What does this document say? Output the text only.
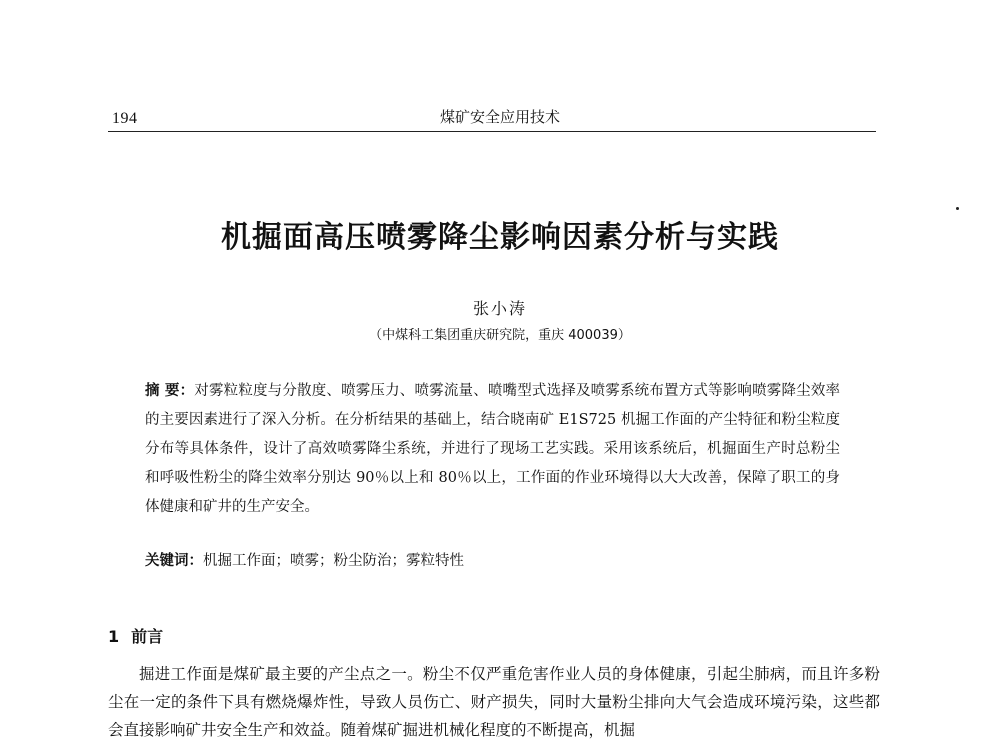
194	煤矿安全应用技术
机掘面高压喷雾降尘影响因素分析与实践
张小涛
（中煤科工集团重庆研究院，重庆 400039）
摘 要：对雾粒粒度与分散度、喷雾压力、喷雾流量、喷嘴型式选择及喷雾系统布置方式等影响喷雾降尘效率的主要因素进行了深入分析。在分析结果的基础上，结合晓南矿 E1S725 机掘工作面的产尘特征和粉尘粒度分布等具体条件，设计了高效喷雾降尘系统，并进行了现场工艺实践。采用该系统后，机掘面生产时总粉尘和呼吸性粉尘的降尘效率分别达 90％以上和 80％以上，工作面的作业环境得以大大改善，保障了职工的身体健康和矿井的生产安全。
关键词：机掘工作面；喷雾；粉尘防治；雾粒特性
1 前言
掘进工作面是煤矿最主要的产尘点之一。粉尘不仅严重危害作业人员的身体健康，引起尘肺病，而且许多粉尘在一定的条件下具有燃烧爆炸性，导致人员伤亡、财产损失，同时大量粉尘排向大气会造成环境污染，这些都会直接影响矿井安全生产和效益。随着煤矿掘进机械化程度的不断提高，机掘
